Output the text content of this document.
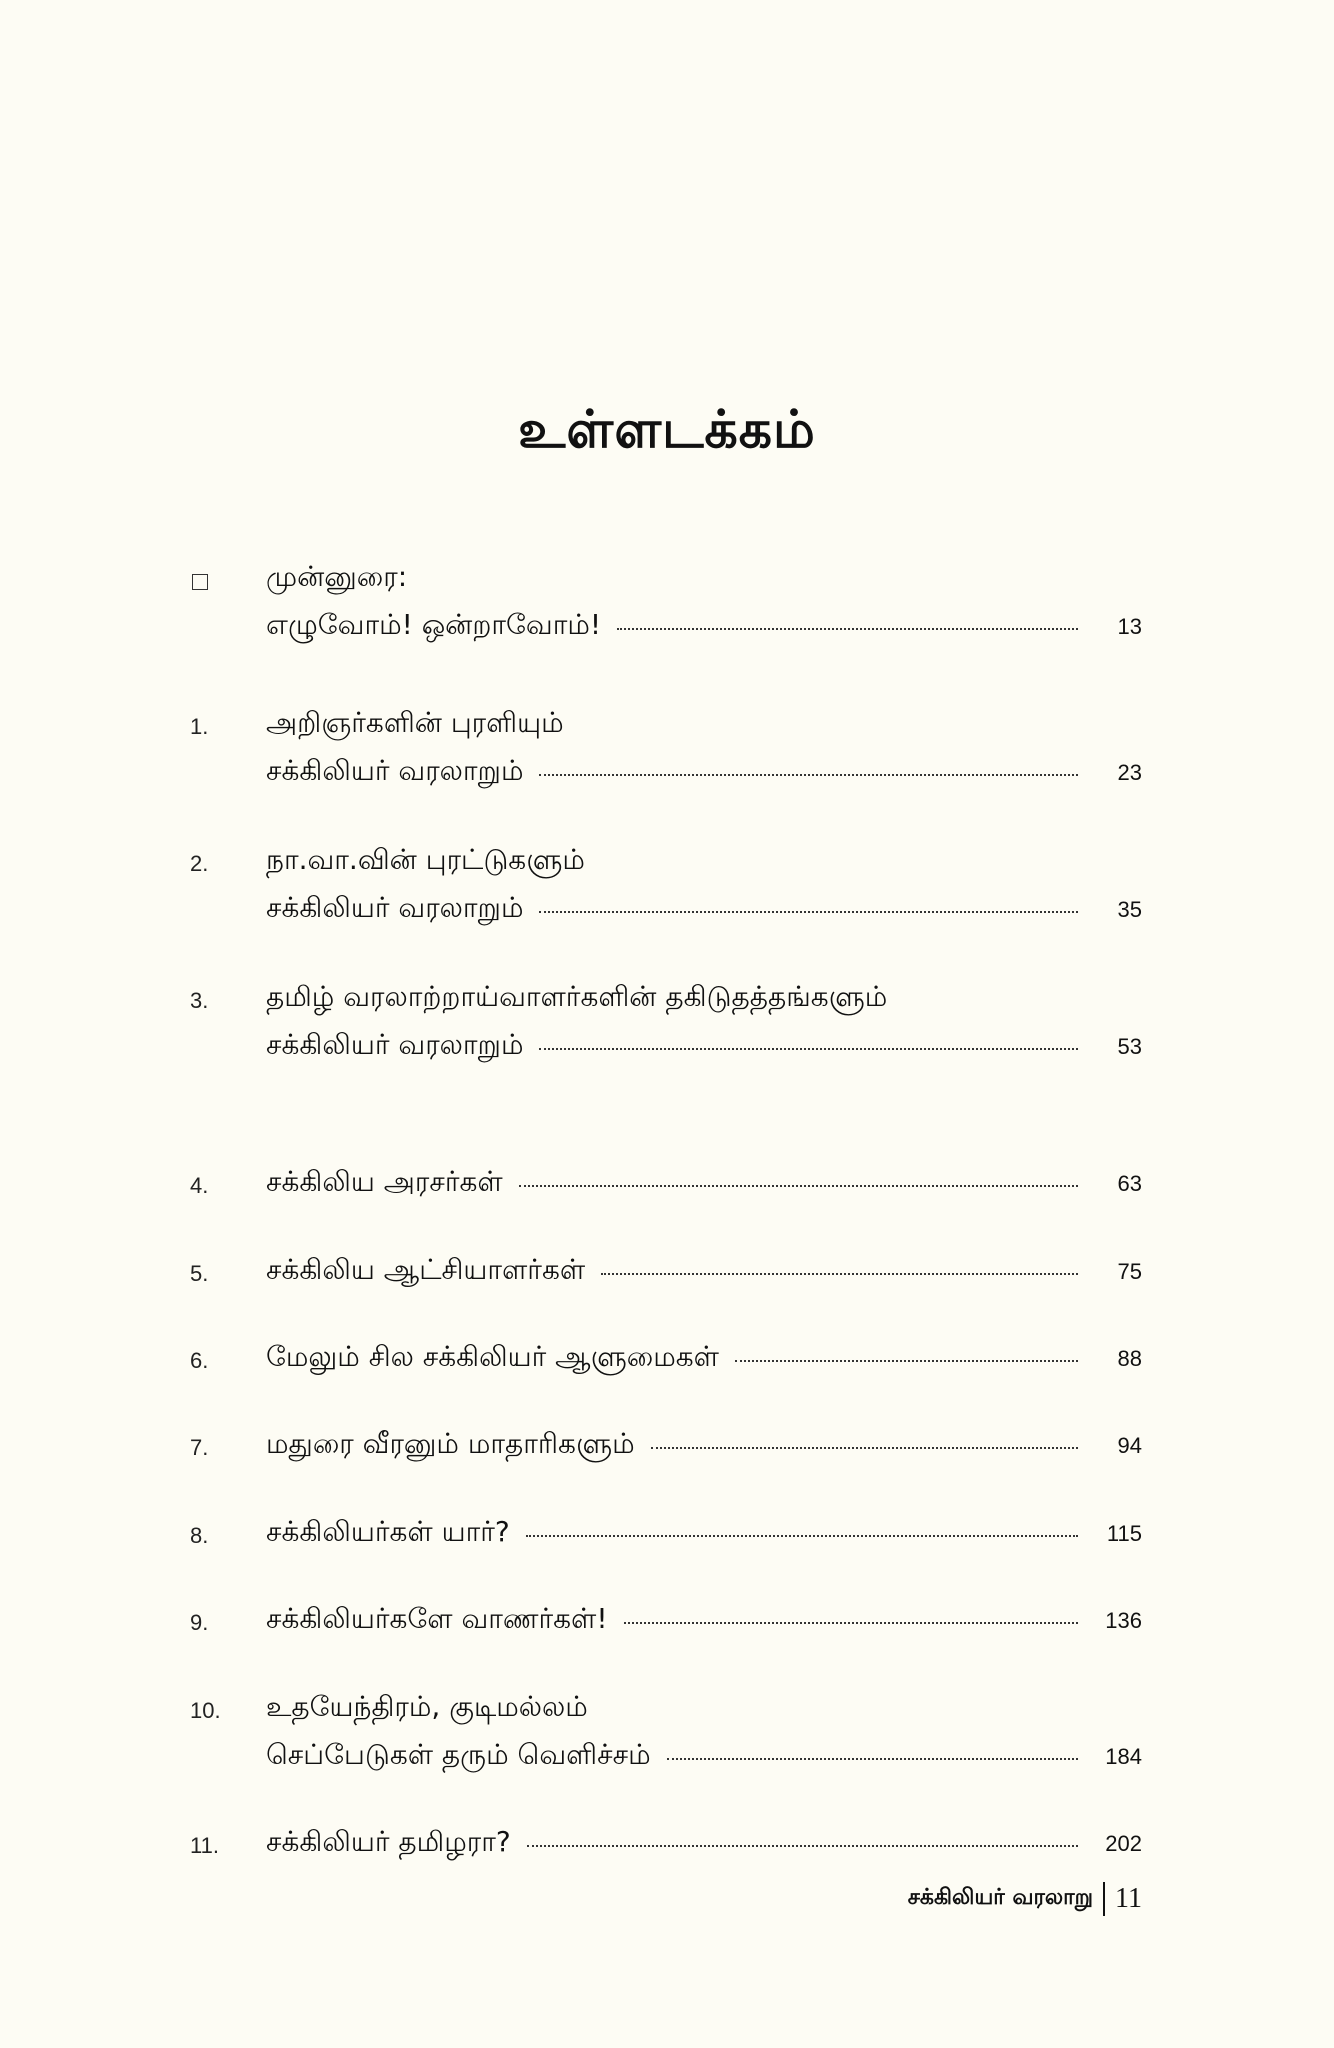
உள்ளடக்கம்
முன்னுரை:
எழுவோம்! ஒன்றாவோம்!	13
1. அறிஞர்களின் புரளியும்
சக்கிலியர் வரலாறும்	23
2. நா.வா.வின் புரட்டுகளும்
சக்கிலியர் வரலாறும்	35
3. தமிழ் வரலாற்றாய்வாளர்களின் தகிடுதத்தங்களும்
சக்கிலியர் வரலாறும்	53
4. சக்கிலிய அரசர்கள்	63
5. சக்கிலிய ஆட்சியாளர்கள்	75
6. மேலும் சில சக்கிலியர் ஆளுமைகள்	88
7. மதுரை வீரனும் மாதாரிகளும்	94
8. சக்கிலியர்கள் யார்?	115
9. சக்கிலியர்களே வாணர்கள்!	136
10. உதயேந்திரம், குடிமல்லம்
செப்பேடுகள் தரும் வெளிச்சம்	184
11. சக்கிலியர் தமிழரா?	202
சக்கிலியர் வரலாறு 11
